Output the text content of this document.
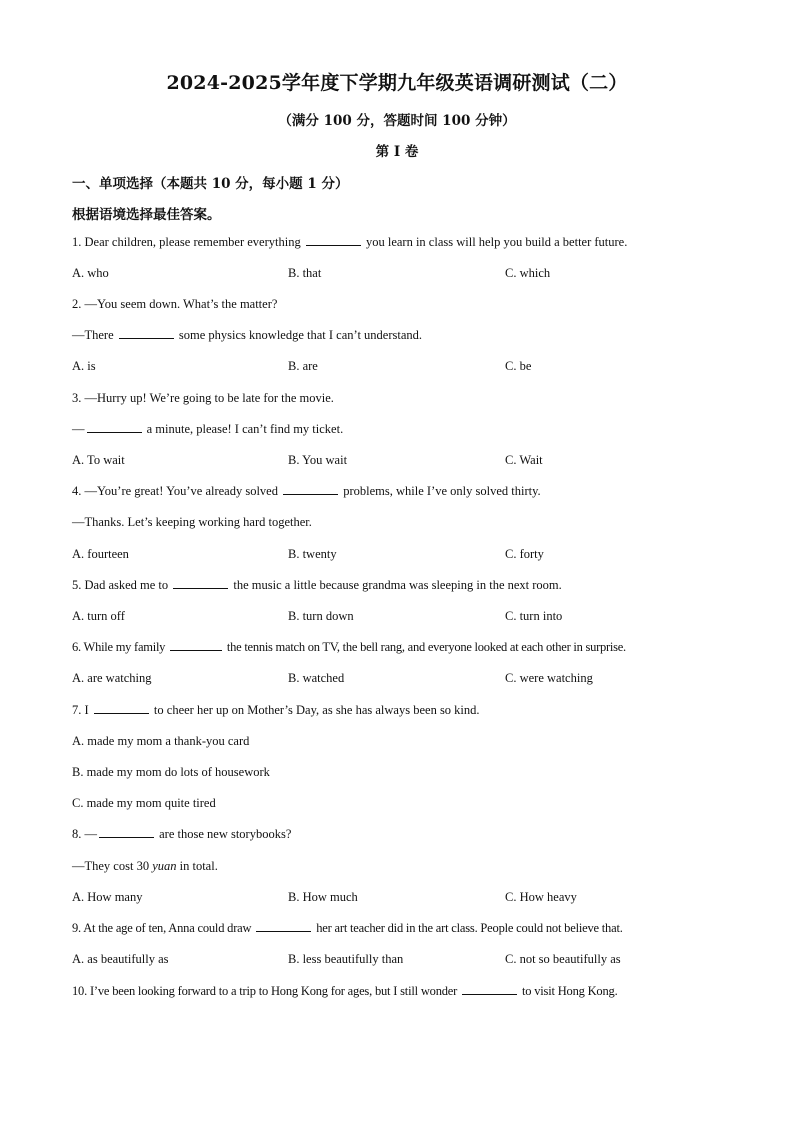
2024-2025学年度下学期九年级英语调研测试（二）
（满分 100 分，答题时间 100 分钟）
第 I 卷
一、单项选择（本题共 10 分，每小题 1 分）
根据语境选择最佳答案。
1. Dear children, please remember everything	you learn in class will help you build a better future.
A. who	B. that	C. which
2. —You seem down. What’s the matter?
—There	some physics knowledge that I can’t understand.
A. is	B. are	C. be
3. —Hurry up! We’re going to be late for the movie.
—	a minute, please! I can’t find my ticket.
A. To wait	B. You wait	C. Wait
4. —You’re great! You’ve already solved	problems, while I’ve only solved thirty.
—Thanks. Let’s keeping working hard together.
A. fourteen	B. twenty	C. forty
5. Dad asked me to	the music a little because grandma was sleeping in the next room.
A. turn off	B. turn down	C. turn into
6. While my family	the tennis match on TV, the bell rang, and everyone looked at each other in surprise.
A. are watching	B. watched	C. were watching
7. I	to cheer her up on Mother’s Day, as she has always been so kind.
A. made my mom a thank-you card
B. made my mom do lots of housework
C. made my mom quite tired
8. —	are those new storybooks?
—They cost 30 yuan in total.
A. How many	B. How much	C. How heavy
9. At the age of ten, Anna could draw	her art teacher did in the art class. People could not believe that.
A. as beautifully as	B. less beautifully than	C. not so beautifully as
10. I’ve been looking forward to a trip to Hong Kong for ages, but I still wonder	to visit Hong Kong.
